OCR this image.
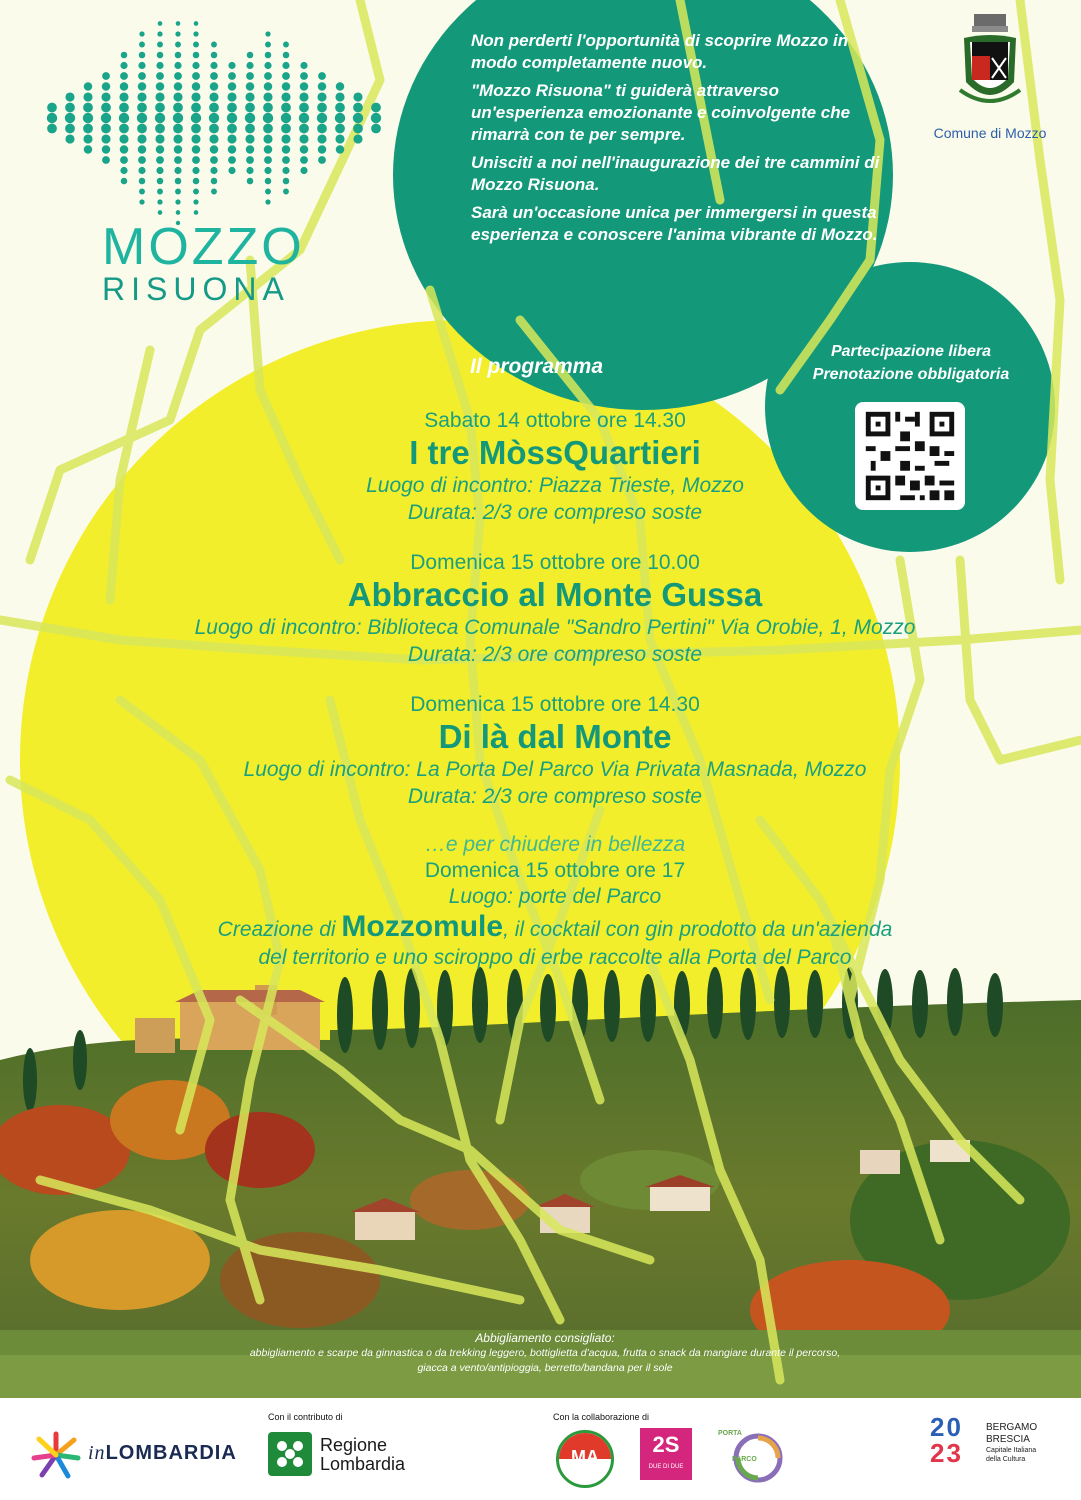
MOZZO
RISUONA
Comune di Mozzo

Non perderti l'opportunità di scoprire Mozzo in modo completamente nuovo.

"Mozzo Risuona" ti guiderà attraverso un'esperienza emozionante e coinvolgente che rimarrà con te per sempre.

Unisciti a noi nell'inaugurazione dei tre cammini di Mozzo Risuona.

Sarà un'occasione unica per immergersi in questa esperienza e conoscere l'anima vibrante di Mozzo.

Partecipazione libera
Prenotazione obbligatoria
Il programma
Sabato 14 ottobre ore 14.30
I tre MòssQuartieri
Luogo di incontro: Piazza Trieste, Mozzo
Durata: 2/3 ore compreso soste
Domenica 15 ottobre ore 10.00
Abbraccio al Monte Gussa
Luogo di incontro: Biblioteca Comunale "Sandro Pertini" Via Orobie, 1, Mozzo
Durata: 2/3 ore compreso soste
Domenica 15 ottobre ore 14.30
Di là dal Monte
Luogo di incontro: La Porta Del Parco Via Privata Masnada, Mozzo
Durata: 2/3 ore compreso soste
…e per chiudere in bellezza
Domenica 15 ottobre ore 17
Luogo: porte del Parco
Creazione di Mozzomule, il cocktail con gin prodotto da un'azienda
del territorio e uno sciroppo di erbe raccolte alla Porta del Parco
Abbigliamento consigliato:
abbigliamento e scarpe da ginnastica o da trekking leggero, bottiglietta d'acqua, frutta o snack da mangiare durante il percorso,
giacca a vento/antipioggia, berretto/bandana per il sole
inLOMBARDIA
Con il contributo di
Regione
Lombardia
Con la collaborazione di
MA	2S
DUE DI DUE
PORTA
PARCO
20
23
BERGAMO
BRESCIA
Capitale Italiana
della Cultura
